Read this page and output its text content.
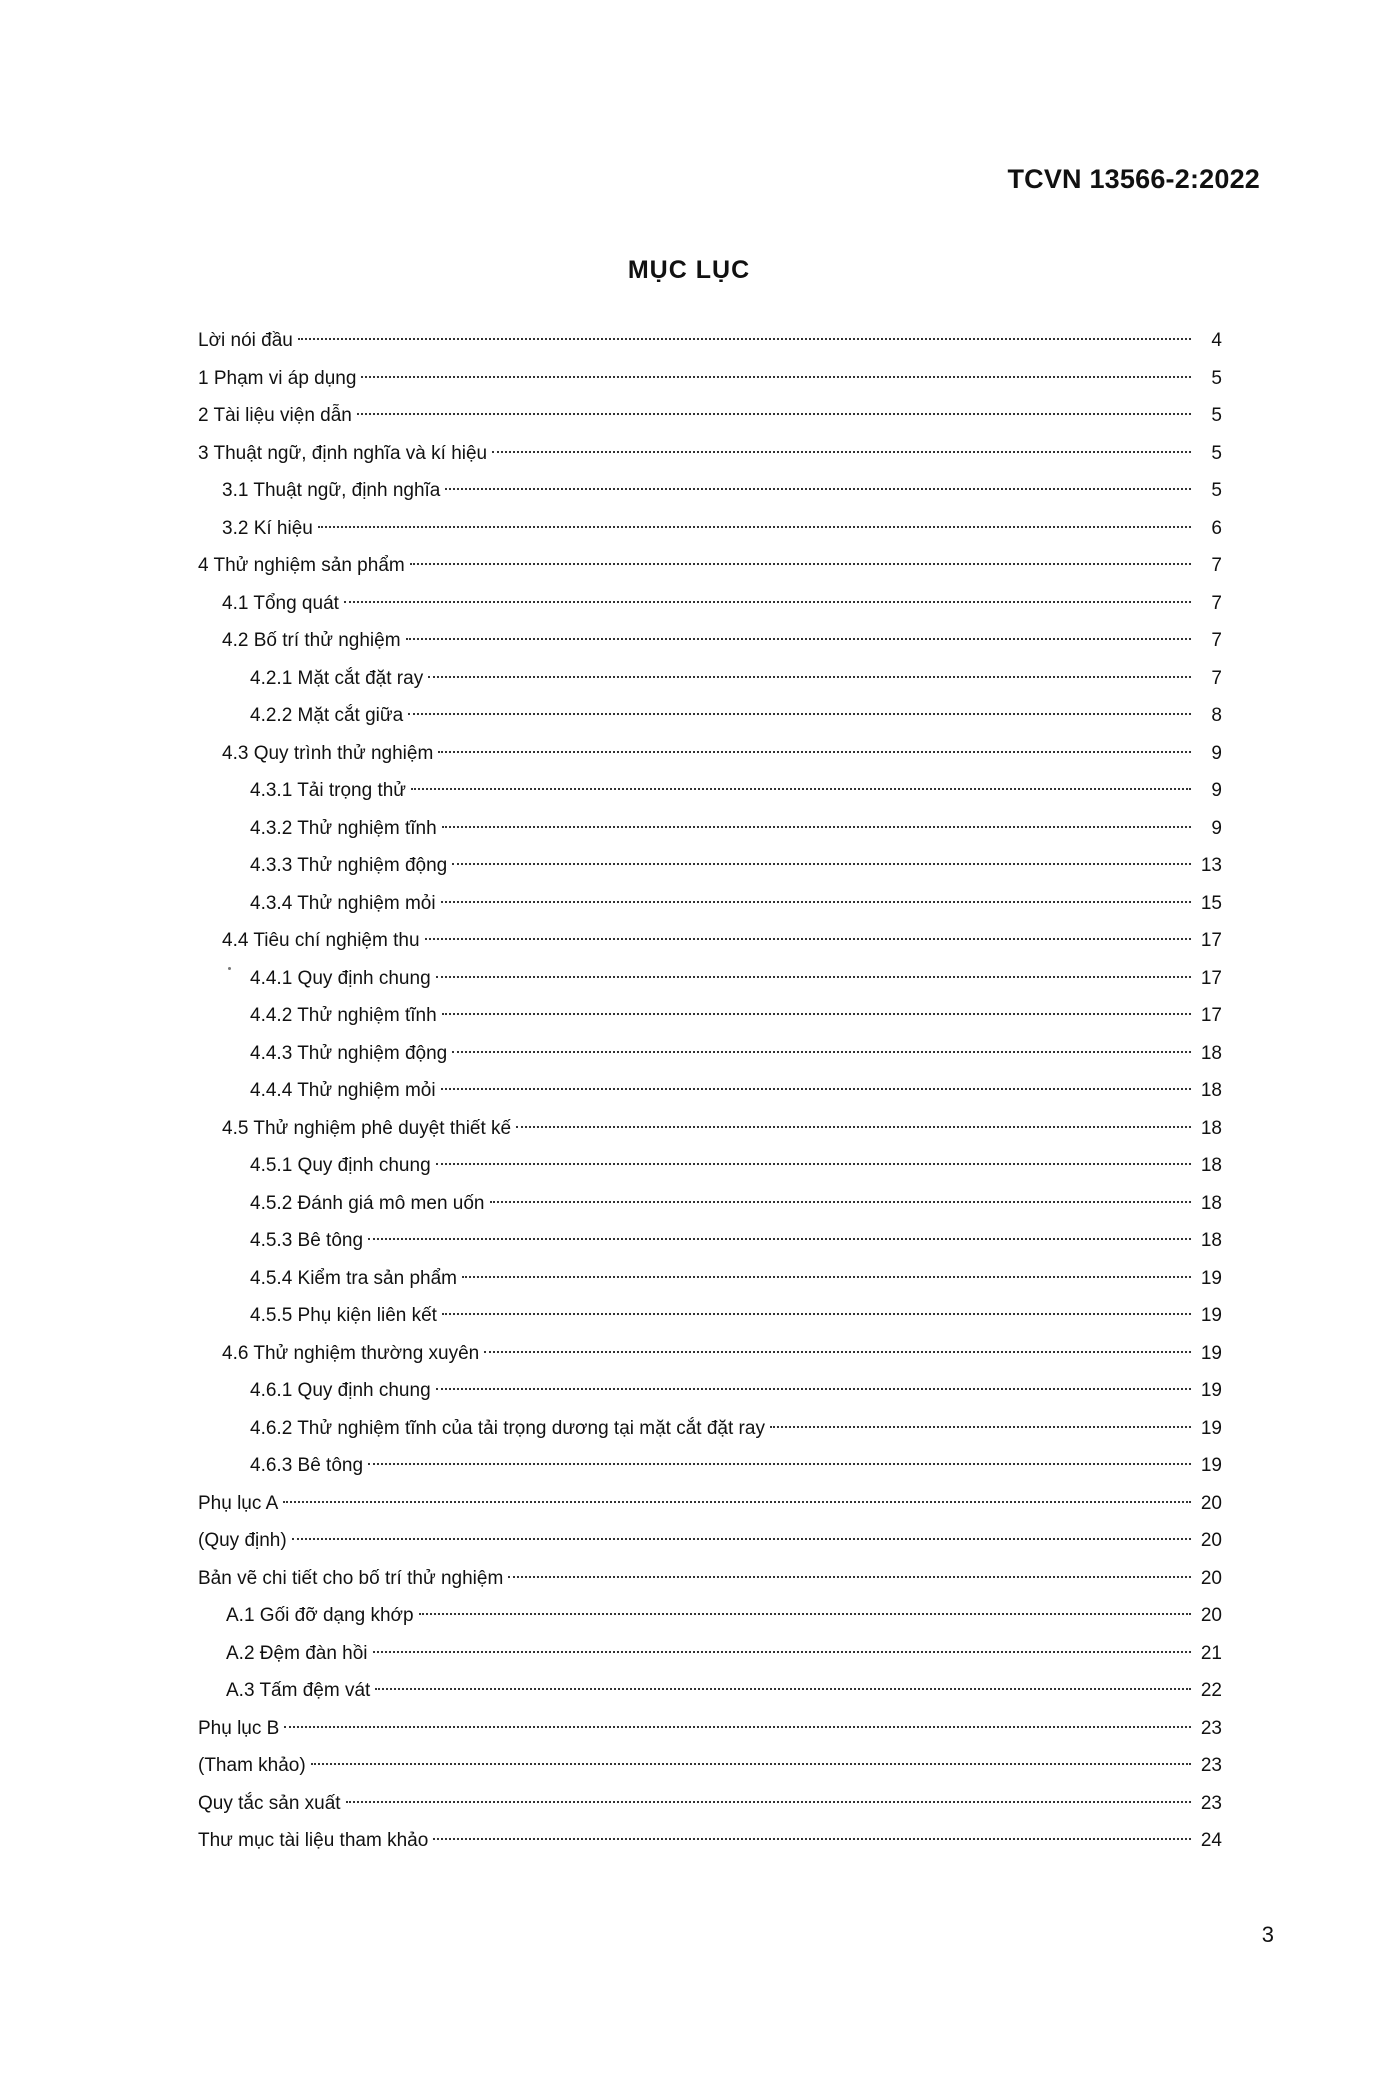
TCVN 13566-2:2022
MỤC LỤC
Lời nói đầu	4
1 Phạm vi áp dụng	5
2 Tài liệu viện dẫn	5
3 Thuật ngữ, định nghĩa và kí hiệu	5
3.1 Thuật ngữ, định nghĩa	5
3.2 Kí hiệu	6
4 Thử nghiệm sản phẩm	7
4.1 Tổng quát	7
4.2 Bố trí thử nghiệm	7
4.2.1 Mặt cắt đặt ray	7
4.2.2 Mặt cắt giữa	8
4.3 Quy trình thử nghiệm	9
4.3.1 Tải trọng thử	9
4.3.2 Thử nghiệm tĩnh	9
4.3.3 Thử nghiệm động	13
4.3.4 Thử nghiệm mỏi	15
4.4 Tiêu chí nghiệm thu	17
4.4.1 Quy định chung	17
4.4.2 Thử nghiệm tĩnh	17
4.4.3 Thử nghiệm động	18
4.4.4 Thử nghiệm mỏi	18
4.5 Thử nghiệm phê duyệt thiết kế	18
4.5.1 Quy định chung	18
4.5.2 Đánh giá mô men uốn	18
4.5.3 Bê tông	18
4.5.4 Kiểm tra sản phẩm	19
4.5.5 Phụ kiện liên kết	19
4.6 Thử nghiệm thường xuyên	19
4.6.1 Quy định chung	19
4.6.2 Thử nghiệm tĩnh của tải trọng dương tại mặt cắt đặt ray	19
4.6.3 Bê tông	19
Phụ lục A	20
(Quy định)	20
Bản vẽ chi tiết cho bố trí thử nghiệm	20
A.1 Gối đỡ dạng khớp	20
A.2 Đệm đàn hồi	21
A.3 Tấm đệm vát	22
Phụ lục B	23
(Tham khảo)	23
Quy tắc sản xuất	23
Thư mục tài liệu tham khảo	24
3
